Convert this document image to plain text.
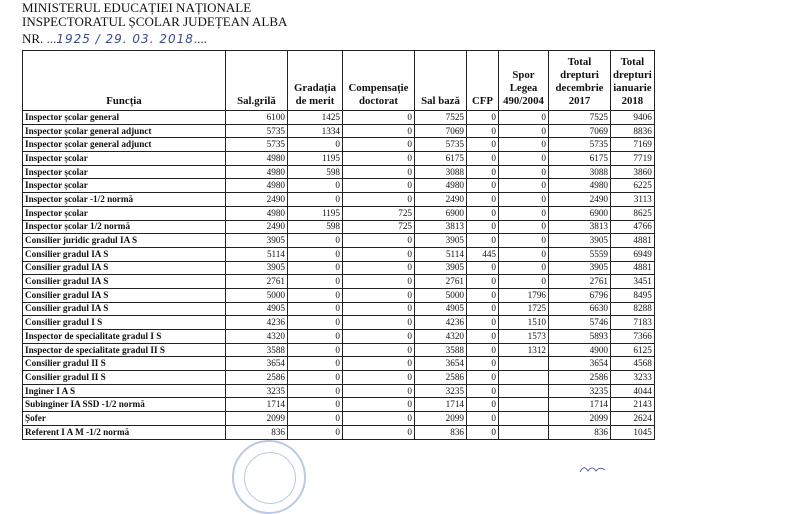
MINISTERUL EDUCAȚIEI NAȚIONALE
INSPECTORATUL ȘCOLAR JUDEȚEAN ALBA
NR. ...1925 / 29. 03. 2018....
Funcția	Sal.grilă	Gradația de merit	Compensație doctorat	Sal bază	CFP	Spor Legea 490/2004	Total drepturi decembrie 2017	Total drepturi ianuarie 2018
Inspector școlar general	6100	1425	0	7525	0	0	7525	9406
Inspector școlar general adjunct	5735	1334	0	7069	0	0	7069	8836
Inspector școlar general adjunct	5735	0	0	5735	0	0	5735	7169
Inspector școlar	4980	1195	0	6175	0	0	6175	7719
Inspector școlar	4980	598	0	3088	0	0	3088	3860
Inspector școlar	4980	0	0	4980	0	0	4980	6225
Inspector școlar -1/2 normă	2490	0	0	2490	0	0	2490	3113
Inspector școlar	4980	1195	725	6900	0	0	6900	8625
Inspector școlar 1/2 normă	2490	598	725	3813	0	0	3813	4766
Consilier juridic gradul IA S	3905	0	0	3905	0	0	3905	4881
Consilier gradul IA S	5114	0	0	5114	445	0	5559	6949
Consilier gradul IA S	3905	0	0	3905	0	0	3905	4881
Consilier gradul IA S	2761	0	0	2761	0	0	2761	3451
Consilier gradul IA S	5000	0	0	5000	0	1796	6796	8495
Consilier gradul IA S	4905	0	0	4905	0	1725	6630	8288
Consilier gradul I S	4236	0	0	4236	0	1510	5746	7183
Inspector de specialitate gradul I S	4320	0	0	4320	0	1573	5893	7366
Inspector de specialitate gradul II S	3588	0	0	3588	0	1312	4900	6125
Consilier gradul II S	3654	0	0	3654	0		3654	4568
Consilier gradul II S	2586	0	0	2586	0		2586	3233
Inginer I A S	3235	0	0	3235	0		3235	4044
Subinginer IA SSD -1/2 normă	1714	0	0	1714	0		1714	2143
Șofer	2099	0	0	2099	0		2099	2624
Referent I A M -1/2 normă	836	0	0	836	0		836	1045
